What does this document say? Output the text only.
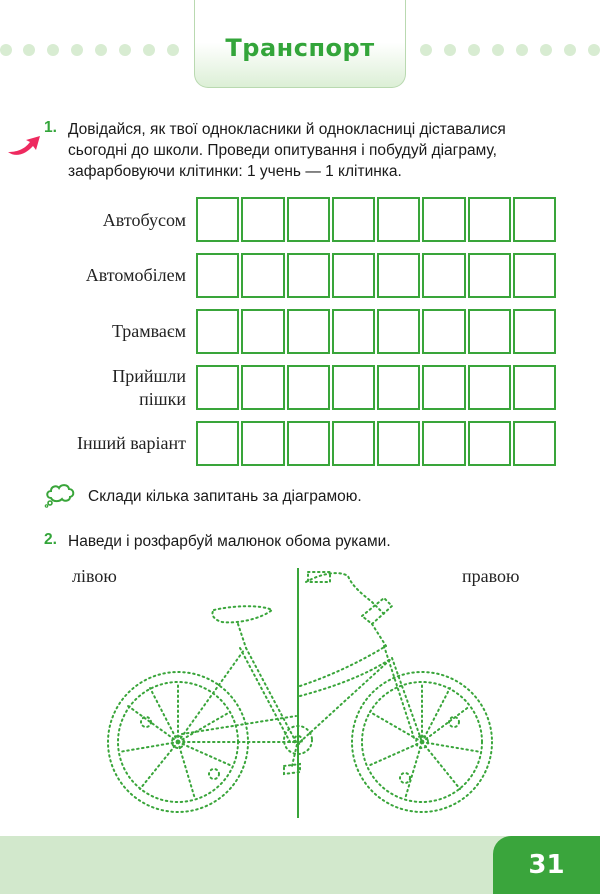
Транспорт
1. Довідайся, як твої однокласники й однокласниці діставалися
сьогодні до школи. Проведи опитування і побудуй діаграму,
зафарбовуючи клітинки: 1 учень — 1 клітинка.
Автобусом
Автомобілем
Трамваєм
Прийшли
пішки
Інший варіант
Склади кілька запитань за діаграмою.
2. Наведи і розфарбуй малюнок обома руками.
лівою	правою
31
